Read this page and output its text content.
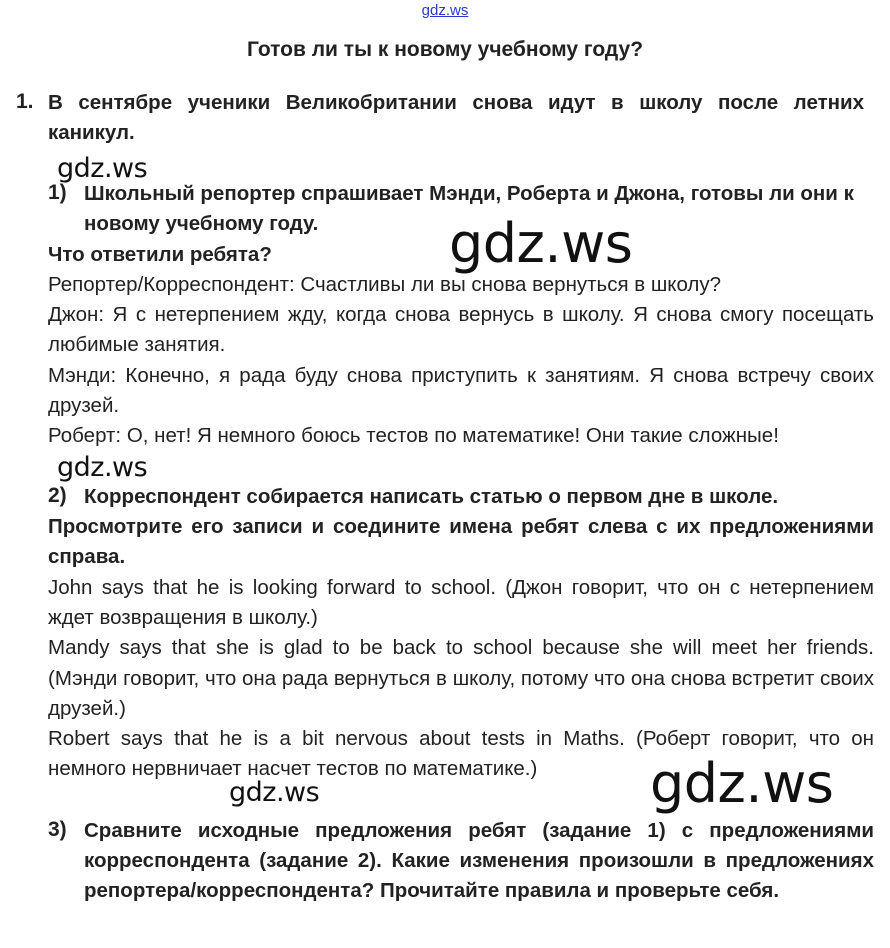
gdz.ws
Готов ли ты к новому учебному году?
1. В сентябре ученики Великобритании снова идут в школу после летних каникул.
1) Школьный репортер спрашивает Мэнди, Роберта и Джона, готовы ли они к новому учебному году.
Что ответили ребята?

Репортер/Корреспондент: Счастливы ли вы снова вернуться в школу?

Джон: Я с нетерпением жду, когда снова вернусь в школу. Я снова смогу посещать любимые занятия.

Мэнди: Конечно, я рада буду снова приступить к занятиям. Я снова встречу своих друзей.

Роберт: О, нет! Я немного боюсь тестов по математике! Они такие сложные!

2) Корреспондент собирается написать статью о первом дне в школе.
Просмотрите его записи и соедините имена ребят слева с их предложениями справа.

John says that he is looking forward to school. (Джон говорит, что он с нетерпением ждет возвращения в школу.)

Mandy says that she is glad to be back to school because she will meet her friends. (Мэнди говорит, что она рада вернуться в школу, потому что она снова встретит своих друзей.)

Robert says that he is a bit nervous about tests in Maths. (Роберт говорит, что он немного нервничает насчет тестов по математике.)

3) Сравните исходные предложения ребят (задание 1) с предложениями корреспондента (задание 2). Какие изменения произошли в предложениях репортера/корреспондента? Прочитайте правила и проверьте себя.
gdz.ws
gdz.ws
gdz.ws
gdz.ws
gdz.ws
